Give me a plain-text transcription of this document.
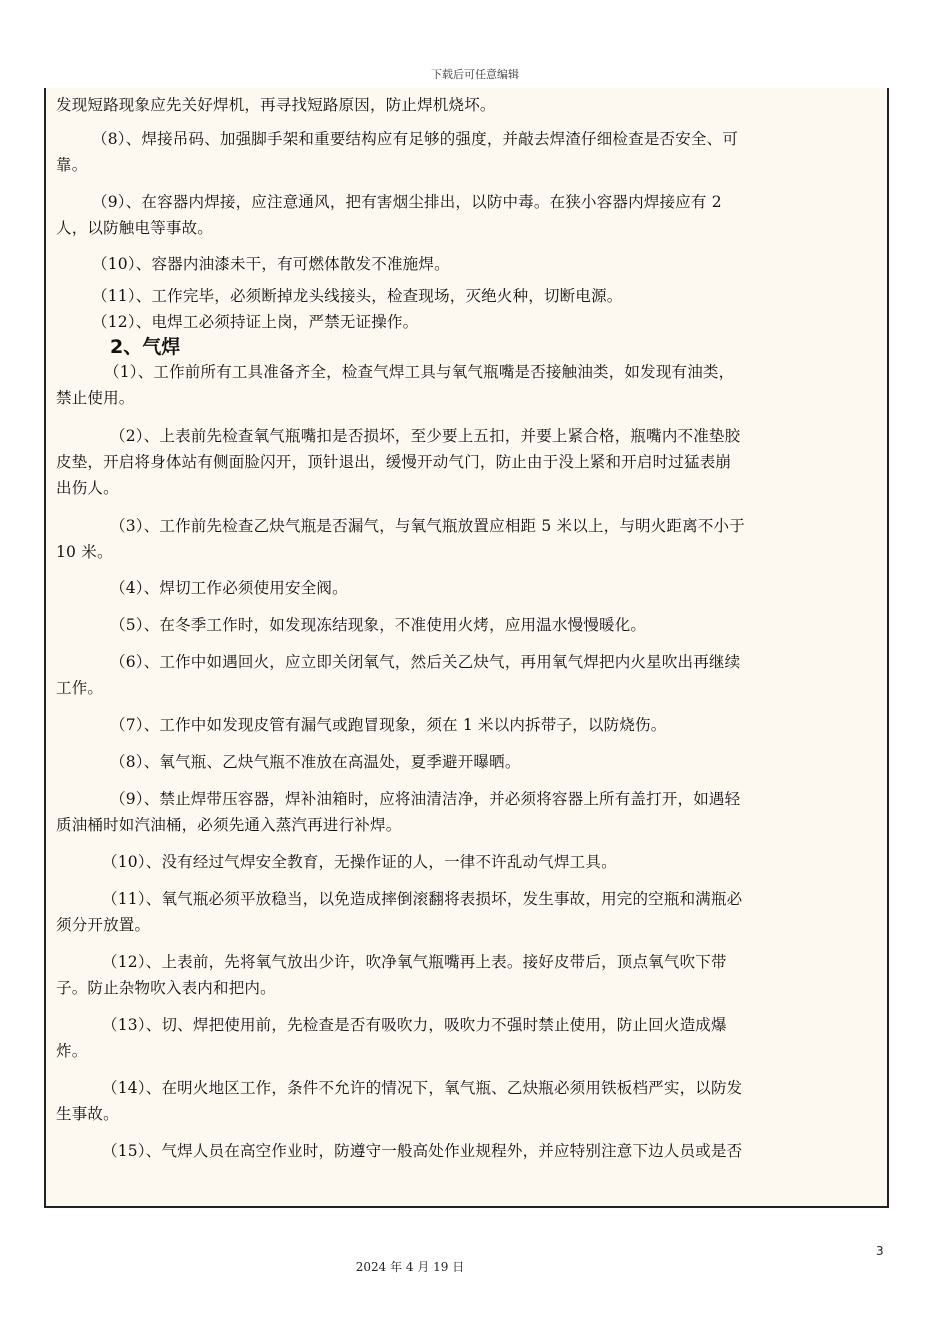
下载后可任意编辑
发现短路现象应先关好焊机，再寻找短路原因，防止焊机烧坏。
（8）、焊接吊码、加强脚手架和重要结构应有足够的强度，并敲去焊渣仔细检查是否安全、可
靠。
（9）、在容器内焊接，应注意通风，把有害烟尘排出，以防中毒。在狭小容器内焊接应有 2
人，以防触电等事故。
（10）、容器内油漆未干，有可燃体散发不准施焊。
（11）、工作完毕，必须断掉龙头线接头，检查现场，灭绝火种，切断电源。
（12）、电焊工必须持证上岗，严禁无证操作。
2、气焊
（1）、工作前所有工具准备齐全，检查气焊工具与氧气瓶嘴是否接触油类，如发现有油类，
禁止使用。
（2）、上表前先检查氧气瓶嘴扣是否损坏，至少要上五扣，并要上紧合格，瓶嘴内不准垫胶
皮垫，开启将身体站有侧面脸闪开，顶针退出，缓慢开动气门，防止由于没上紧和开启时过猛表崩
出伤人。
（3）、工作前先检查乙炔气瓶是否漏气，与氧气瓶放置应相距 5 米以上，与明火距离不小于
10 米。
（4）、焊切工作必须使用安全阀。
（5）、在冬季工作时，如发现冻结现象，不准使用火烤，应用温水慢慢暖化。
（6）、工作中如遇回火，应立即关闭氧气，然后关乙炔气，再用氧气焊把内火星吹出再继续
工作。
（7）、工作中如发现皮管有漏气或跑冒现象，须在 1 米以内拆带子，以防烧伤。
（8）、氧气瓶、乙炔气瓶不准放在高温处，夏季避开曝晒。
（9）、禁止焊带压容器，焊补油箱时，应将油清洁净，并必须将容器上所有盖打开，如遇轻
质油桶时如汽油桶，必须先通入蒸汽再进行补焊。
（10）、没有经过气焊安全教育，无操作证的人，一律不许乱动气焊工具。
（11）、氧气瓶必须平放稳当，以免造成摔倒滚翻将表损坏，发生事故，用完的空瓶和满瓶必
须分开放置。
（12）、上表前，先将氧气放出少许，吹净氧气瓶嘴再上表。接好皮带后，顶点氧气吹下带
子。防止杂物吹入表内和把内。
（13）、切、焊把使用前，先检查是否有吸吹力，吸吹力不强时禁止使用，防止回火造成爆
炸。
（14）、在明火地区工作，条件不允许的情况下，氧气瓶、乙炔瓶必须用铁板档严实，以防发
生事故。
（15）、气焊人员在高空作业时，防遵守一般高处作业规程外，并应特别注意下边人员或是否
3
2024 年 4 月 19 日
